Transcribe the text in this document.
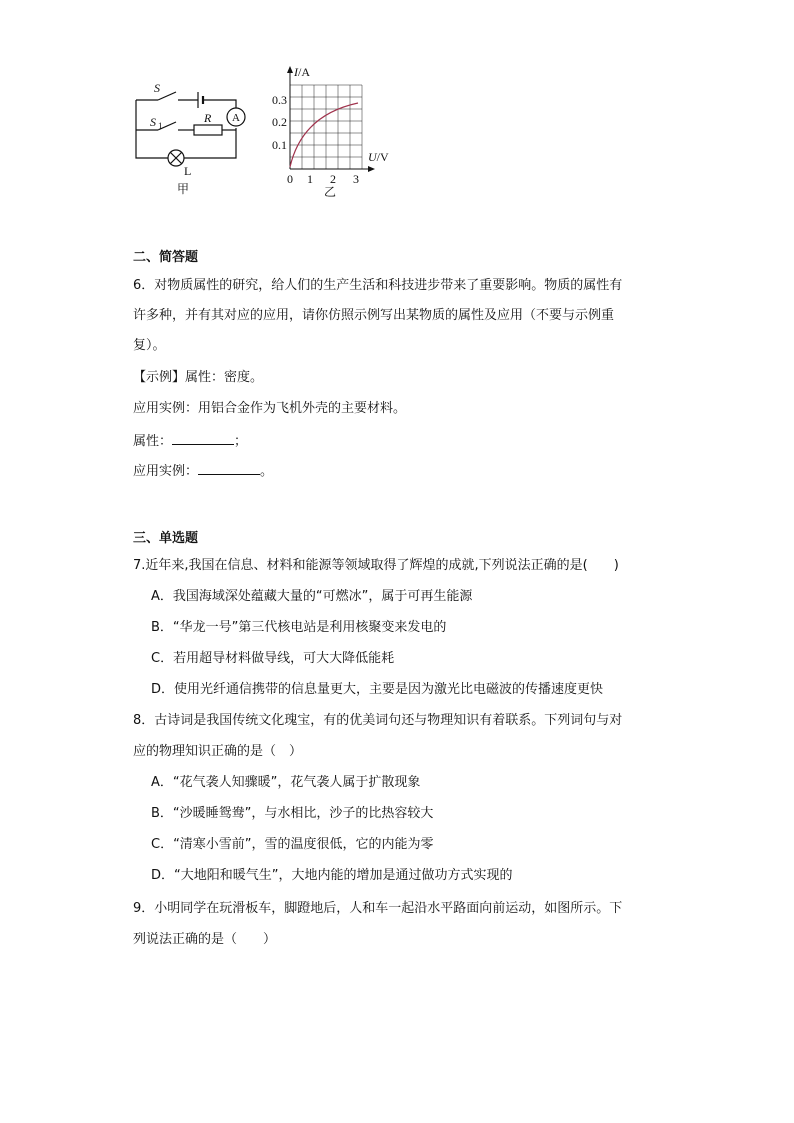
S
S 1
R A
L
甲
I/A
U/V
0.3
0.2
0.1
0 1 2 3
乙
二、简答题
6．对物质属性的研究，给人们的生产生活和科技进步带来了重要影响。物质的属性有
许多种，并有其对应的应用，请你仿照示例写出某物质的属性及应用（不要与示例重
复）。
【示例】属性：密度。
应用实例：用铝合金作为飞机外壳的主要材料。
属性：	；
应用实例：	。
三、单选题
7.近年来,我国在信息、材料和能源等领域取得了辉煌的成就,下列说法正确的是(　　)
A．我国海域深处蕴藏大量的“可燃冰”，属于可再生能源
B．“华龙一号”第三代核电站是利用核聚变来发电的
C．若用超导材料做导线，可大大降低能耗
D．使用光纤通信携带的信息量更大，主要是因为激光比电磁波的传播速度更快
8．古诗词是我国传统文化瑰宝，有的优美词句还与物理知识有着联系。下列词句与对
应的物理知识正确的是（　）
A．“花气袭人知骤暖”，花气袭人属于扩散现象
B．“沙暖睡鸳鸯”，与水相比，沙子的比热容较大
C．“清寒小雪前”，雪的温度很低，它的内能为零
D．“大地阳和暖气生”，大地内能的增加是通过做功方式实现的
9．小明同学在玩滑板车，脚蹬地后，人和车一起沿水平路面向前运动，如图所示。下
列说法正确的是（　　）
